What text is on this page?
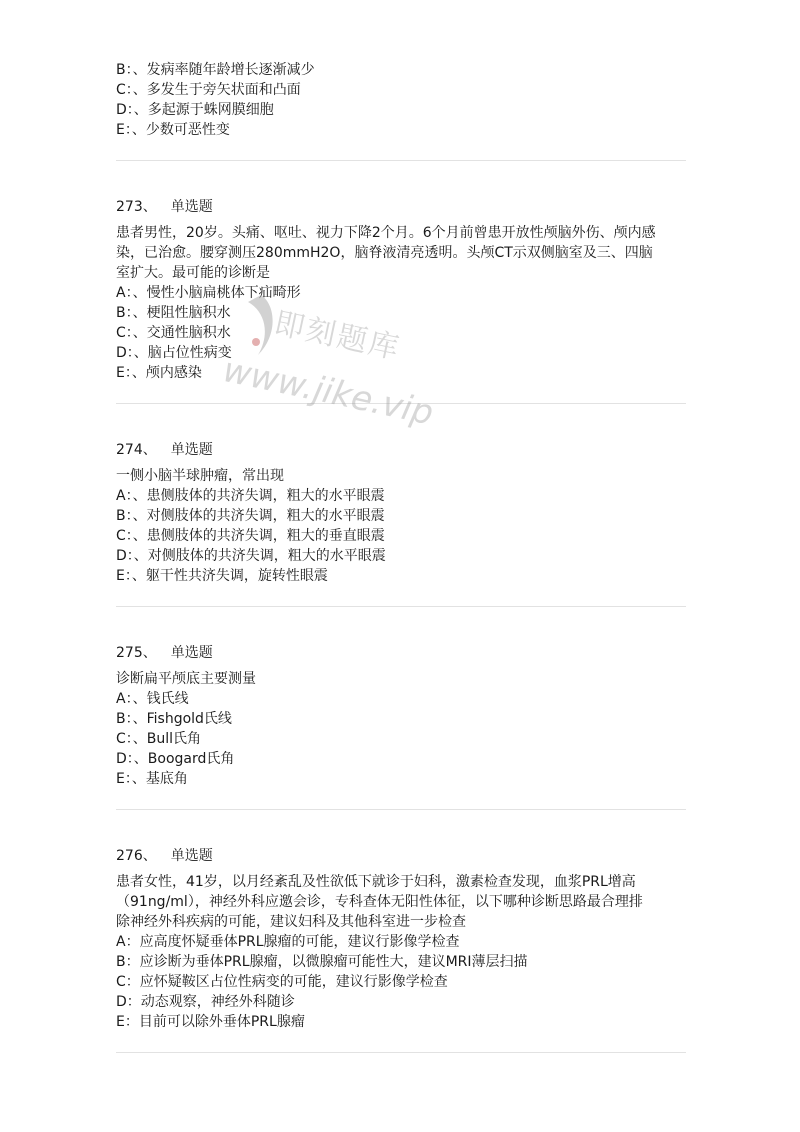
B：、发病率随年龄增长逐渐减少
C：、多发生于旁矢状面和凸面
D：、多起源于蛛网膜细胞
E：、少数可恶性变
273、 单选题
患者男性，20岁。头痛、呕吐、视力下降2个月。6个月前曾患开放性颅脑外伤、颅内感
染，已治愈。腰穿测压280mmH2O，脑脊液清亮透明。头颅CT示双侧脑室及三、四脑
室扩大。最可能的诊断是
A：、慢性小脑扁桃体下疝畸形
B：、梗阻性脑积水
C：、交通性脑积水
D：、脑占位性病变
E：、颅内感染
274、 单选题
一侧小脑半球肿瘤，常出现
A：、患侧肢体的共济失调，粗大的水平眼震
B：、对侧肢体的共济失调，粗大的水平眼震
C：、患侧肢体的共济失调，粗大的垂直眼震
D：、对侧肢体的共济失调，粗大的水平眼震
E：、躯干性共济失调，旋转性眼震
275、 单选题
诊断扁平颅底主要测量
A：、钱氏线
B：、Fishgold氏线
C：、Bull氏角
D：、Boogard氏角
E：、基底角
276、 单选题
患者女性，41岁，以月经紊乱及性欲低下就诊于妇科，激素检查发现，血浆PRL增高
（91ng/ml），神经外科应邀会诊，专科查体无阳性体征，以下哪种诊断思路最合理排
除神经外科疾病的可能，建议妇科及其他科室进一步检查
A：应高度怀疑垂体PRL腺瘤的可能，建议行影像学检查
B：应诊断为垂体PRL腺瘤，以微腺瘤可能性大，建议MRI薄层扫描
C：应怀疑鞍区占位性病变的可能，建议行影像学检查
D：动态观察，神经外科随诊
E：目前可以除外垂体PRL腺瘤
即刻题库
www.jike.vip
